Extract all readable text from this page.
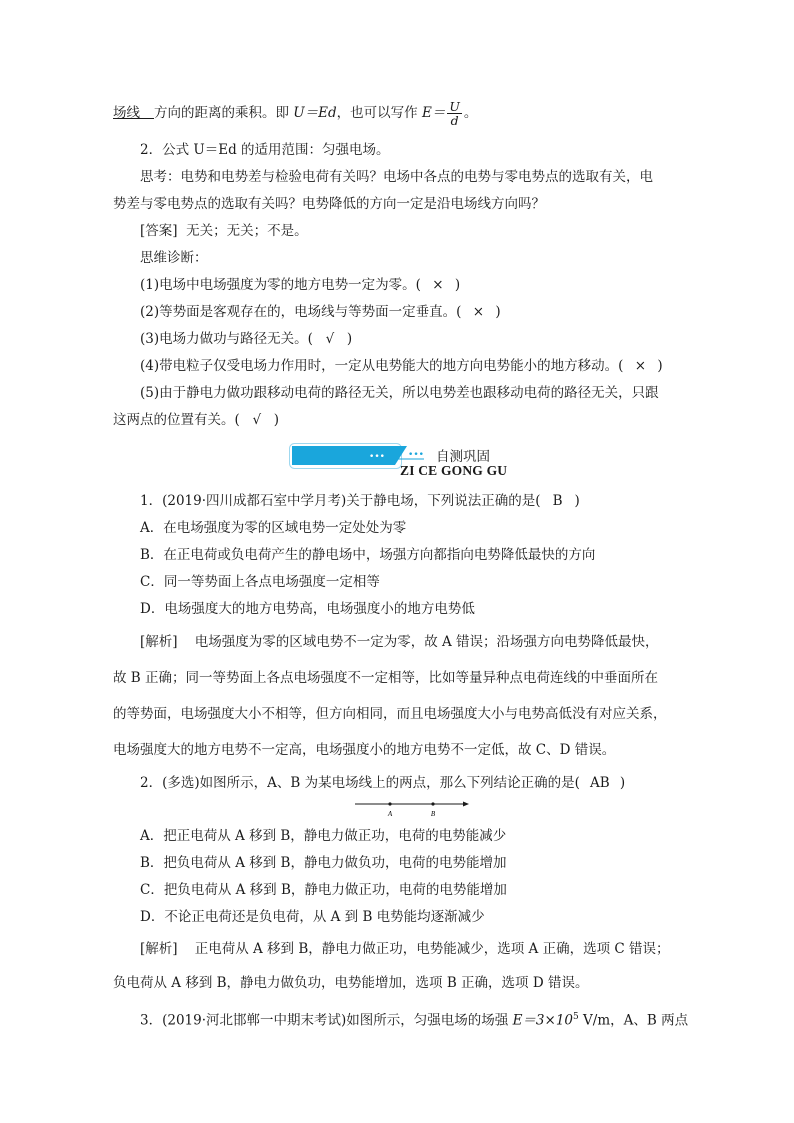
场线 方向的距离的乘积。即 U＝Ed，也可以写作 $E= \frac{U}{d}$ 。
2．公式 U＝Ed 的适用范围：匀强电场。
思考：电势和电势差与检验电荷有关吗？电场中各点的电势与零电势点的选取有关，电
势差与零电势点的选取有关吗？电势降低的方向一定是沿电场线方向吗？
[答案] 无关；无关；不是。
思维诊断：
(1)电场中电场强度为零的地方电势一定为零。( × )
(2)等势面是客观存在的，电场线与等势面一定垂直。( × )
(3)电场力做功与路径无关。( √ )
(4)带电粒子仅受电场力作用时，一定从电势能大的地方向电势能小的地方移动。( × )
(5)由于静电力做功跟移动电荷的路径无关，所以电势差也跟移动电荷的路径无关，只跟
这两点的位置有关。( √ )
•••	••• 自测巩固
ZI CE GONG GU
1．(2019·四川成都石室中学月考)关于静电场，下列说法正确的是( B )
A．在电场强度为零的区域电势一定处处为零
B．在正电荷或负电荷产生的静电场中，场强方向都指向电势降低最快的方向
C．同一等势面上各点电场强度一定相等
D．电场强度大的地方电势高，电场强度小的地方电势低
[解析] 电场强度为零的区域电势不一定为零，故 A 错误；沿场强方向电势降低最快，
故 B 正确；同一等势面上各点电场强度不一定相等，比如等量异种点电荷连线的中垂面所在
的等势面，电场强度大小不相等，但方向相同，而且电场强度大小与电势高低没有对应关系，
电场强度大的地方电势不一定高，电场强度小的地方电势不一定低，故 C、D 错误。
2．(多选)如图所示，A、B 为某电场线上的两点，那么下列结论正确的是( AB )
A	B
A．把正电荷从 A 移到 B，静电力做正功，电荷的电势能减少
B．把负电荷从 A 移到 B，静电力做负功，电荷的电势能增加
C．把负电荷从 A 移到 B，静电力做正功，电荷的电势能增加
D．不论正电荷还是负电荷，从 A 到 B 电势能均逐渐减少
[解析] 正电荷从 A 移到 B，静电力做正功，电势能减少，选项 A 正确，选项 C 错误；
负电荷从 A 移到 B，静电力做负功，电势能增加，选项 B 正确，选项 D 错误。
3．(2019·河北邯郸一中期末考试)如图所示，匀强电场的场强 $E=3\times 10^5$ V/m，A、B 两点
